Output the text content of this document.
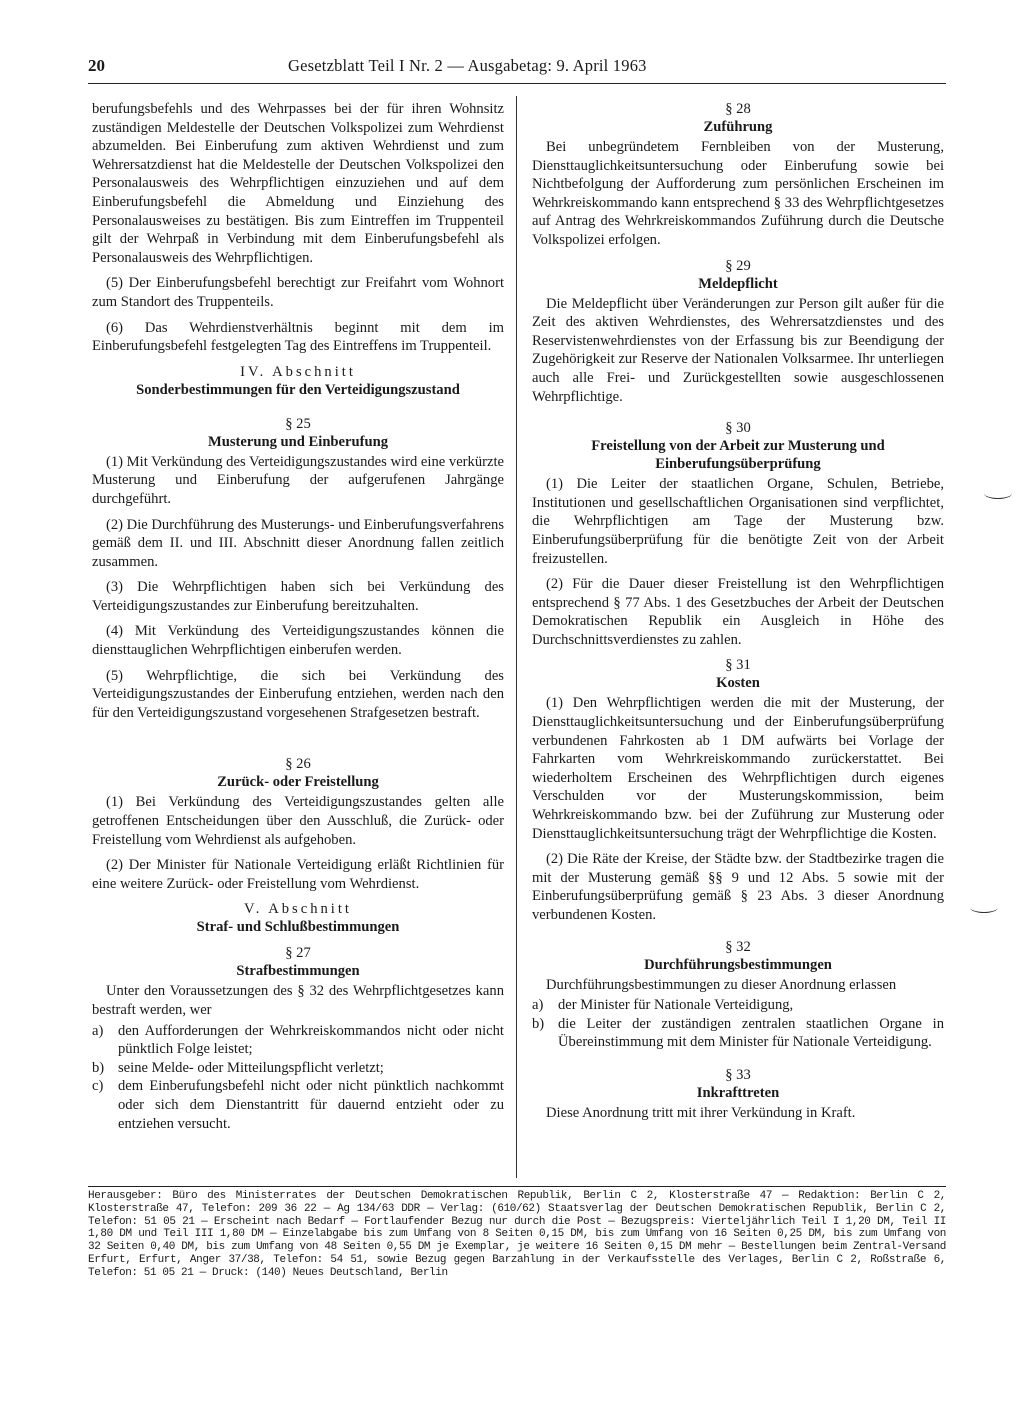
20	Gesetzblatt Teil I Nr. 2 — Ausgabetag: 9. April 1963

berufungsbefehls und des Wehrpasses bei der für ihren Wohnsitz zuständigen Meldestelle der Deutschen Volkspolizei zum Wehrdienst abzumelden. Bei Einberufung zum aktiven Wehrdienst und zum Wehrersatzdienst hat die Meldestelle der Deutschen Volkspolizei den Personalausweis des Wehrpflichtigen einzuziehen und auf dem Einberufungsbefehl die Abmeldung und Einziehung des Personalausweises zu bestätigen. Bis zum Eintreffen im Truppenteil gilt der Wehrpaß in Verbindung mit dem Einberufungsbefehl als Personalausweis des Wehrpflichtigen.

(5) Der Einberufungsbefehl berechtigt zur Freifahrt vom Wohnort zum Standort des Truppenteils.

(6) Das Wehrdienstverhältnis beginnt mit dem im Einberufungsbefehl festgelegten Tag des Eintreffens im Truppenteil.

IV. Abschnitt
Sonderbestimmungen für den Verteidigungszustand
§ 25
Musterung und Einberufung

(1) Mit Verkündung des Verteidigungszustandes wird eine verkürzte Musterung und Einberufung der aufgerufenen Jahrgänge durchgeführt.

(2) Die Durchführung des Musterungs- und Einberufungsverfahrens gemäß dem II. und III. Abschnitt dieser Anordnung fallen zeitlich zusammen.

(3) Die Wehrpflichtigen haben sich bei Verkündung des Verteidigungszustandes zur Einberufung bereitzuhalten.

(4) Mit Verkündung des Verteidigungszustandes können die diensttauglichen Wehrpflichtigen einberufen werden.

(5) Wehrpflichtige, die sich bei Verkündung des Verteidigungszustandes der Einberufung entziehen, werden nach den für den Verteidigungszustand vorgesehenen Strafgesetzen bestraft.

§ 26
Zurück- oder Freistellung

(1) Bei Verkündung des Verteidigungszustandes gelten alle getroffenen Entscheidungen über den Ausschluß, die Zurück- oder Freistellung vom Wehrdienst als aufgehoben.

(2) Der Minister für Nationale Verteidigung erläßt Richtlinien für eine weitere Zurück- oder Freistellung vom Wehrdienst.

V. Abschnitt
Straf- und Schlußbestimmungen
§ 27
Strafbestimmungen

Unter den Voraussetzungen des § 32 des Wehrpflichtgesetzes kann bestraft werden, wer

a)	den Aufforderungen der Wehrkreiskommandos nicht oder nicht pünktlich Folge leistet;
b) seine Melde- oder Mitteilungspflicht verletzt;
c)	dem Einberufungsbefehl nicht oder nicht pünktlich nachkommt oder sich dem Dienstantritt für dauernd entzieht oder zu entziehen versucht.
§ 28
Zuführung

Bei unbegründetem Fernbleiben von der Musterung, Diensttauglichkeitsuntersuchung oder Einberufung sowie bei Nichtbefolgung der Aufforderung zum persönlichen Erscheinen im Wehrkreiskommando kann entsprechend § 33 des Wehrpflichtgesetzes auf Antrag des Wehrkreiskommandos Zuführung durch die Deutsche Volkspolizei erfolgen.

§ 29
Meldepflicht

Die Meldepflicht über Veränderungen zur Person gilt außer für die Zeit des aktiven Wehrdienstes, des Wehrersatzdienstes und des Reservistenwehrdienstes von der Erfassung bis zur Beendigung der Zugehörigkeit zur Reserve der Nationalen Volksarmee. Ihr unterliegen auch alle Frei- und Zurückgestellten sowie ausgeschlossenen Wehrpflichtige.

§ 30
Freistellung von der Arbeit zur Musterung und Einberufungsüberprüfung

(1) Die Leiter der staatlichen Organe, Schulen, Betriebe, Institutionen und gesellschaftlichen Organisationen sind verpflichtet, die Wehrpflichtigen am Tage der Musterung bzw. Einberufungsüberprüfung für die benötigte Zeit von der Arbeit freizustellen.

(2) Für die Dauer dieser Freistellung ist den Wehrpflichtigen entsprechend § 77 Abs. 1 des Gesetzbuches der Arbeit der Deutschen Demokratischen Republik ein Ausgleich in Höhe des Durchschnittsverdienstes zu zahlen.

§ 31
Kosten

(1) Den Wehrpflichtigen werden die mit der Musterung, der Diensttauglichkeitsuntersuchung und der Einberufungsüberprüfung verbundenen Fahrkosten ab 1 DM aufwärts bei Vorlage der Fahrkarten vom Wehrkreiskommando zurückerstattet. Bei wiederholtem Erscheinen des Wehrpflichtigen durch eigenes Verschulden vor der Musterungskommission, beim Wehrkreiskommando bzw. bei der Zuführung zur Musterung oder Diensttauglichkeitsuntersuchung trägt der Wehrpflichtige die Kosten.

(2) Die Räte der Kreise, der Städte bzw. der Stadtbezirke tragen die mit der Musterung gemäß §§ 9 und 12 Abs. 5 sowie mit der Einberufungsüberprüfung gemäß § 23 Abs. 3 dieser Anordnung verbundenen Kosten.

§ 32
Durchführungsbestimmungen

Durchführungsbestimmungen zu dieser Anordnung erlassen

a)	der Minister für Nationale Verteidigung,
b) die Leiter der zuständigen zentralen staatlichen Organe in Übereinstimmung mit dem Minister für Nationale Verteidigung.
§ 33
Inkrafttreten

Diese Anordnung tritt mit ihrer Verkündung in Kraft.

Herausgeber: Büro des Ministerrates der Deutschen Demokratischen Republik, Berlin C 2, Klosterstraße 47 — Redaktion: Berlin C 2, Klosterstraße 47, Telefon: 209 36 22 — Ag 134/63 DDR — Verlag: (610/62) Staatsverlag der Deutschen Demokratischen Republik, Berlin C 2, Telefon: 51 05 21 — Erscheint nach Bedarf — Fortlaufender Bezug nur durch die Post — Bezugspreis: Vierteljährlich Teil I 1,20 DM, Teil II 1,80 DM und Teil III 1,80 DM — Einzelabgabe bis zum Umfang von 8 Seiten 0,15 DM, bis zum Umfang von 16 Seiten 0,25 DM, bis zum Umfang von 32 Seiten 0,40 DM, bis zum Umfang von 48 Seiten 0,55 DM je Exemplar, je weitere 16 Seiten 0,15 DM mehr — Bestellungen beim Zentral-Versand Erfurt, Erfurt, Anger 37/38, Telefon: 54 51, sowie Bezug gegen Barzahlung in der Verkaufsstelle des Verlages, Berlin C 2, Roßstraße 6, Telefon: 51 05 21 — Druck: (140) Neues Deutschland, Berlin
